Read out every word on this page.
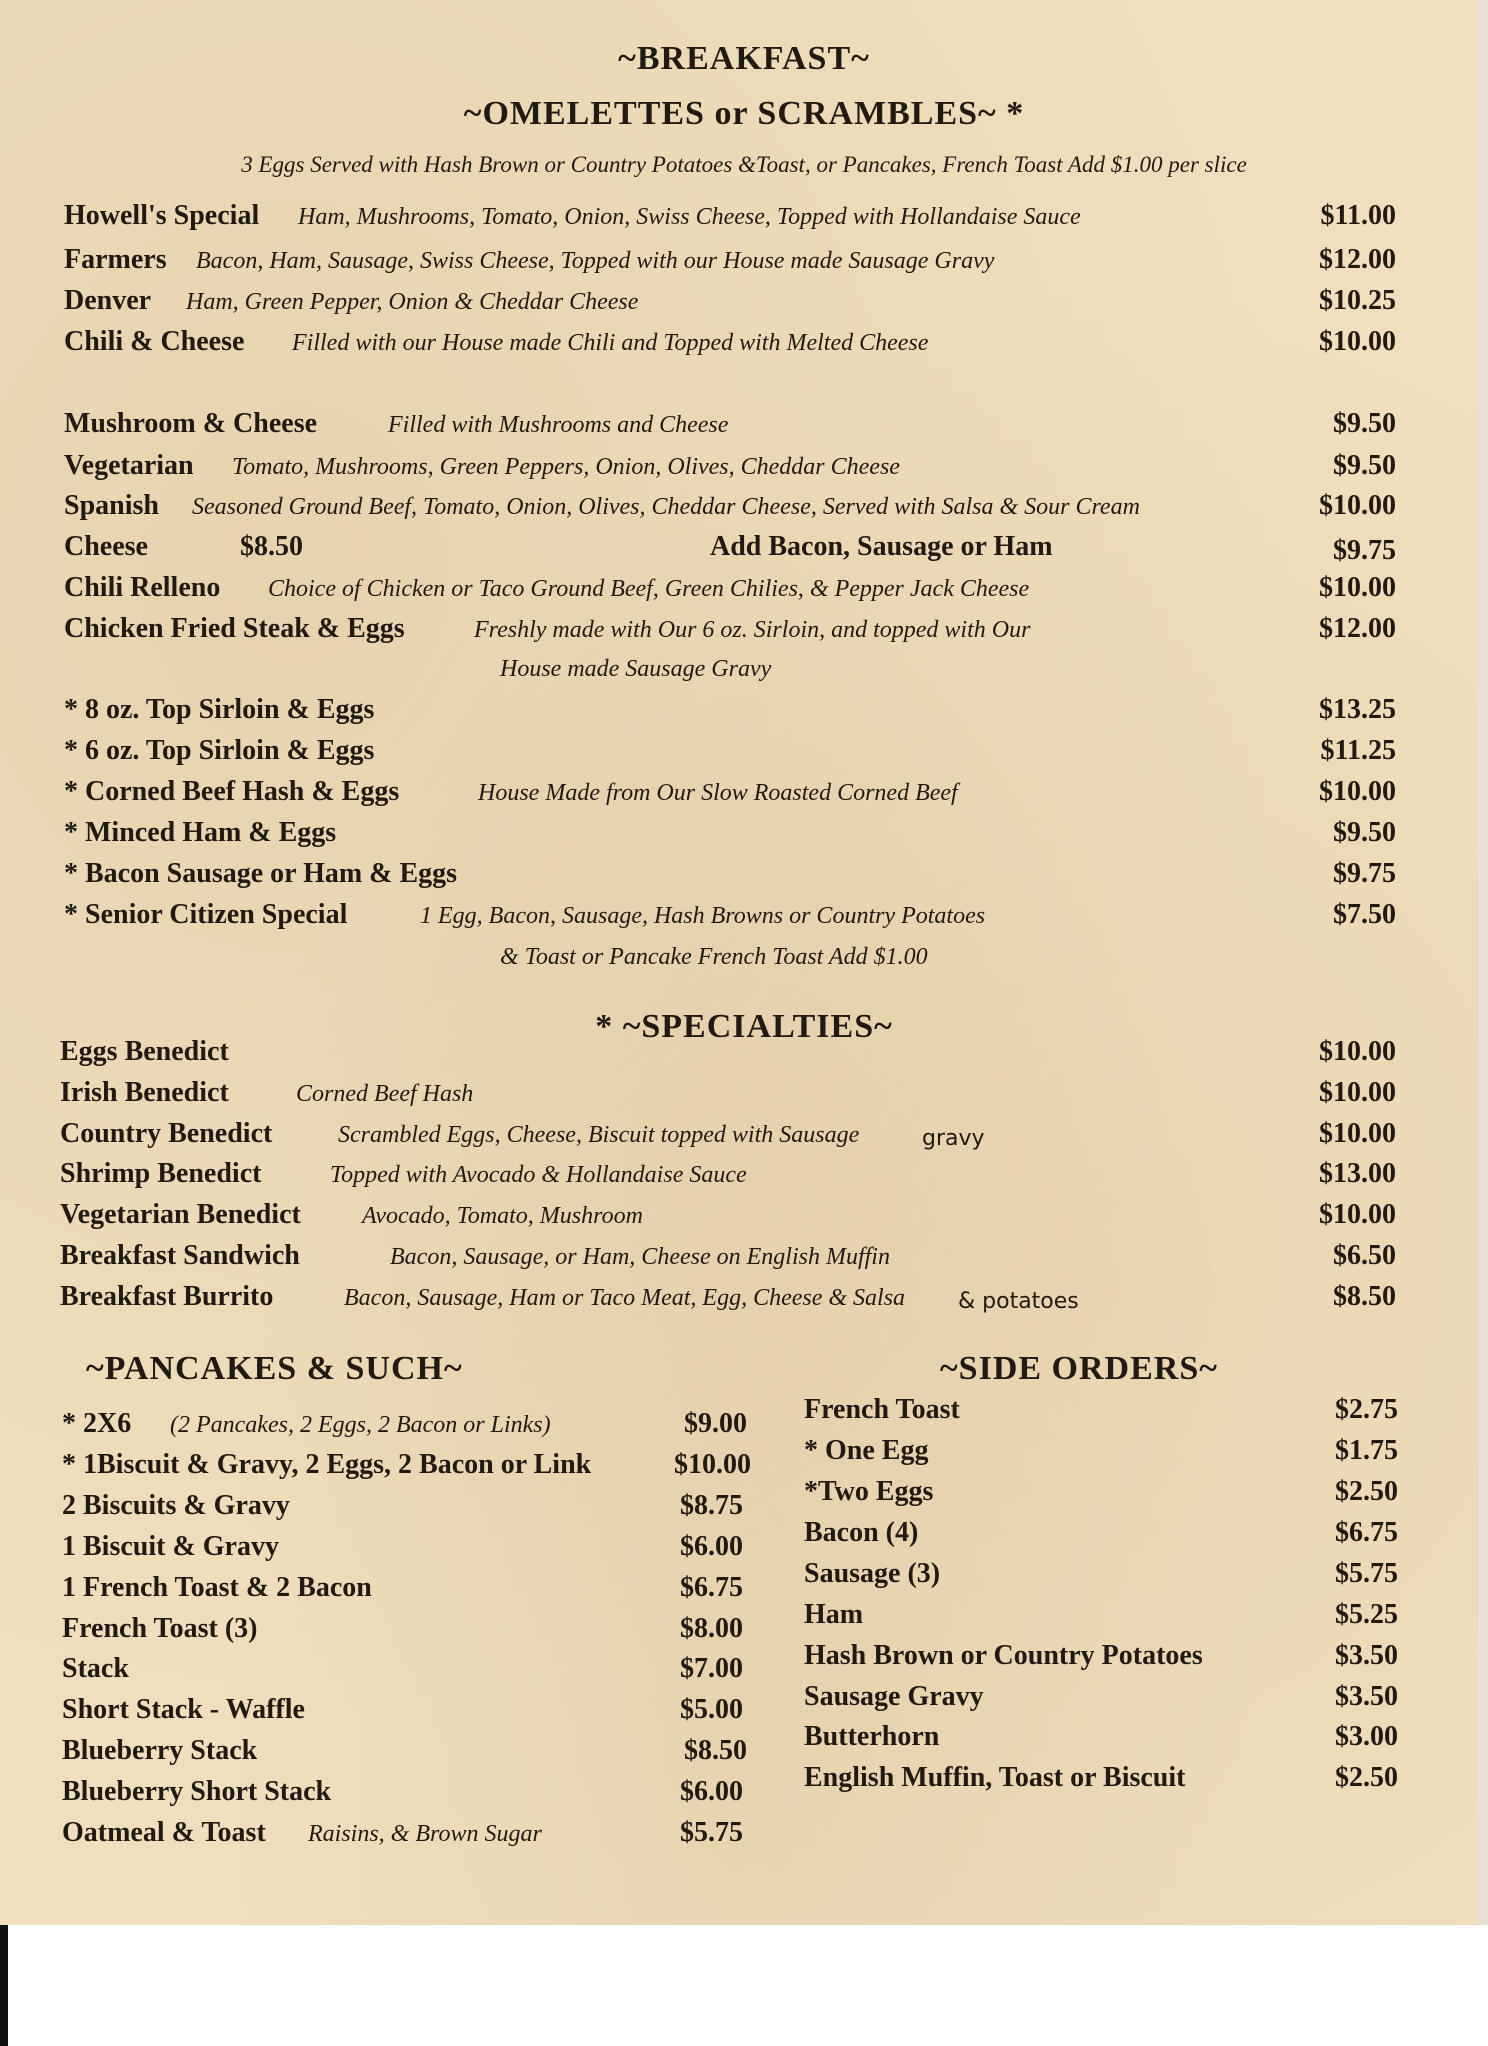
~BREAKFAST~
~OMELETTES or SCRAMBLES~ *
3 Eggs Served with Hash Brown or Country Potatoes &Toast, or Pancakes, French Toast Add $1.00 per slice
Howell's Special Ham, Mushrooms, Tomato, Onion, Swiss Cheese, Topped with Hollandaise Sauce	$11.00
Farmers Bacon, Ham, Sausage, Swiss Cheese, Topped with our House made Sausage Gravy	$12.00
Denver Ham, Green Pepper, Onion & Cheddar Cheese	$10.25
Chili & Cheese Filled with our House made Chili and Topped with Melted Cheese	$10.00
Mushroom & Cheese	Filled with Mushrooms and Cheese	$9.50
Vegetarian Tomato, Mushrooms, Green Peppers, Onion, Olives, Cheddar Cheese	$9.50
Spanish Seasoned Ground Beef, Tomato, Onion, Olives, Cheddar Cheese, Served with Salsa & Sour Cream	$10.00
Cheese	$8.50	Add Bacon, Sausage or Ham	$9.75
Chili Relleno Choice of Chicken or Taco Ground Beef, Green Chilies, & Pepper Jack Cheese	$10.00
Chicken Fried Steak & Eggs	Freshly made with Our 6 oz. Sirloin, and topped with Our	$12.00
House made Sausage Gravy
* 8 oz. Top Sirloin & Eggs	$13.25
* 6 oz. Top Sirloin & Eggs	$11.25
* Corned Beef Hash & Eggs	House Made from Our Slow Roasted Corned Beef	$10.00
* Minced Ham & Eggs	$9.50
* Bacon Sausage or Ham & Eggs	$9.75
* Senior Citizen Special	1 Egg, Bacon, Sausage, Hash Browns or Country Potatoes	$7.50
& Toast or Pancake French Toast Add $1.00
* ~SPECIALTIES~
Eggs Benedict	$10.00
Irish Benedict	Corned Beef Hash	$10.00
Country Benedict	Scrambled Eggs, Cheese, Biscuit topped with Sausage	gravy	$10.00
Shrimp Benedict	Topped with Avocado & Hollandaise Sauce	$13.00
Vegetarian Benedict	Avocado, Tomato, Mushroom	$10.00
Breakfast Sandwich	Bacon, Sausage, or Ham, Cheese on English Muffin	$6.50
Breakfast Burrito	Bacon, Sausage, Ham or Taco Meat, Egg, Cheese & Salsa & potatoes	$8.50
~PANCAKES & SUCH~
* 2X6 (2 Pancakes, 2 Eggs, 2 Bacon or Links)	$9.00
* 1Biscuit & Gravy, 2 Eggs, 2 Bacon or Link	$10.00
2 Biscuits & Gravy	$8.75
1 Biscuit & Gravy	$6.00
1 French Toast & 2 Bacon	$6.75
French Toast (3)	$8.00
Stack	$7.00
Short Stack - Waffle	$5.00
Blueberry Stack	$8.50
Blueberry Short Stack	$6.00
Oatmeal & Toast Raisins, & Brown Sugar	$5.75
~SIDE ORDERS~
French Toast	$2.75
* One Egg	$1.75
*Two Eggs	$2.50
Bacon (4)	$6.75
Sausage (3)	$5.75
Ham	$5.25
Hash Brown or Country Potatoes	$3.50
Sausage Gravy	$3.50
Butterhorn	$3.00
English Muffin, Toast or Biscuit	$2.50
